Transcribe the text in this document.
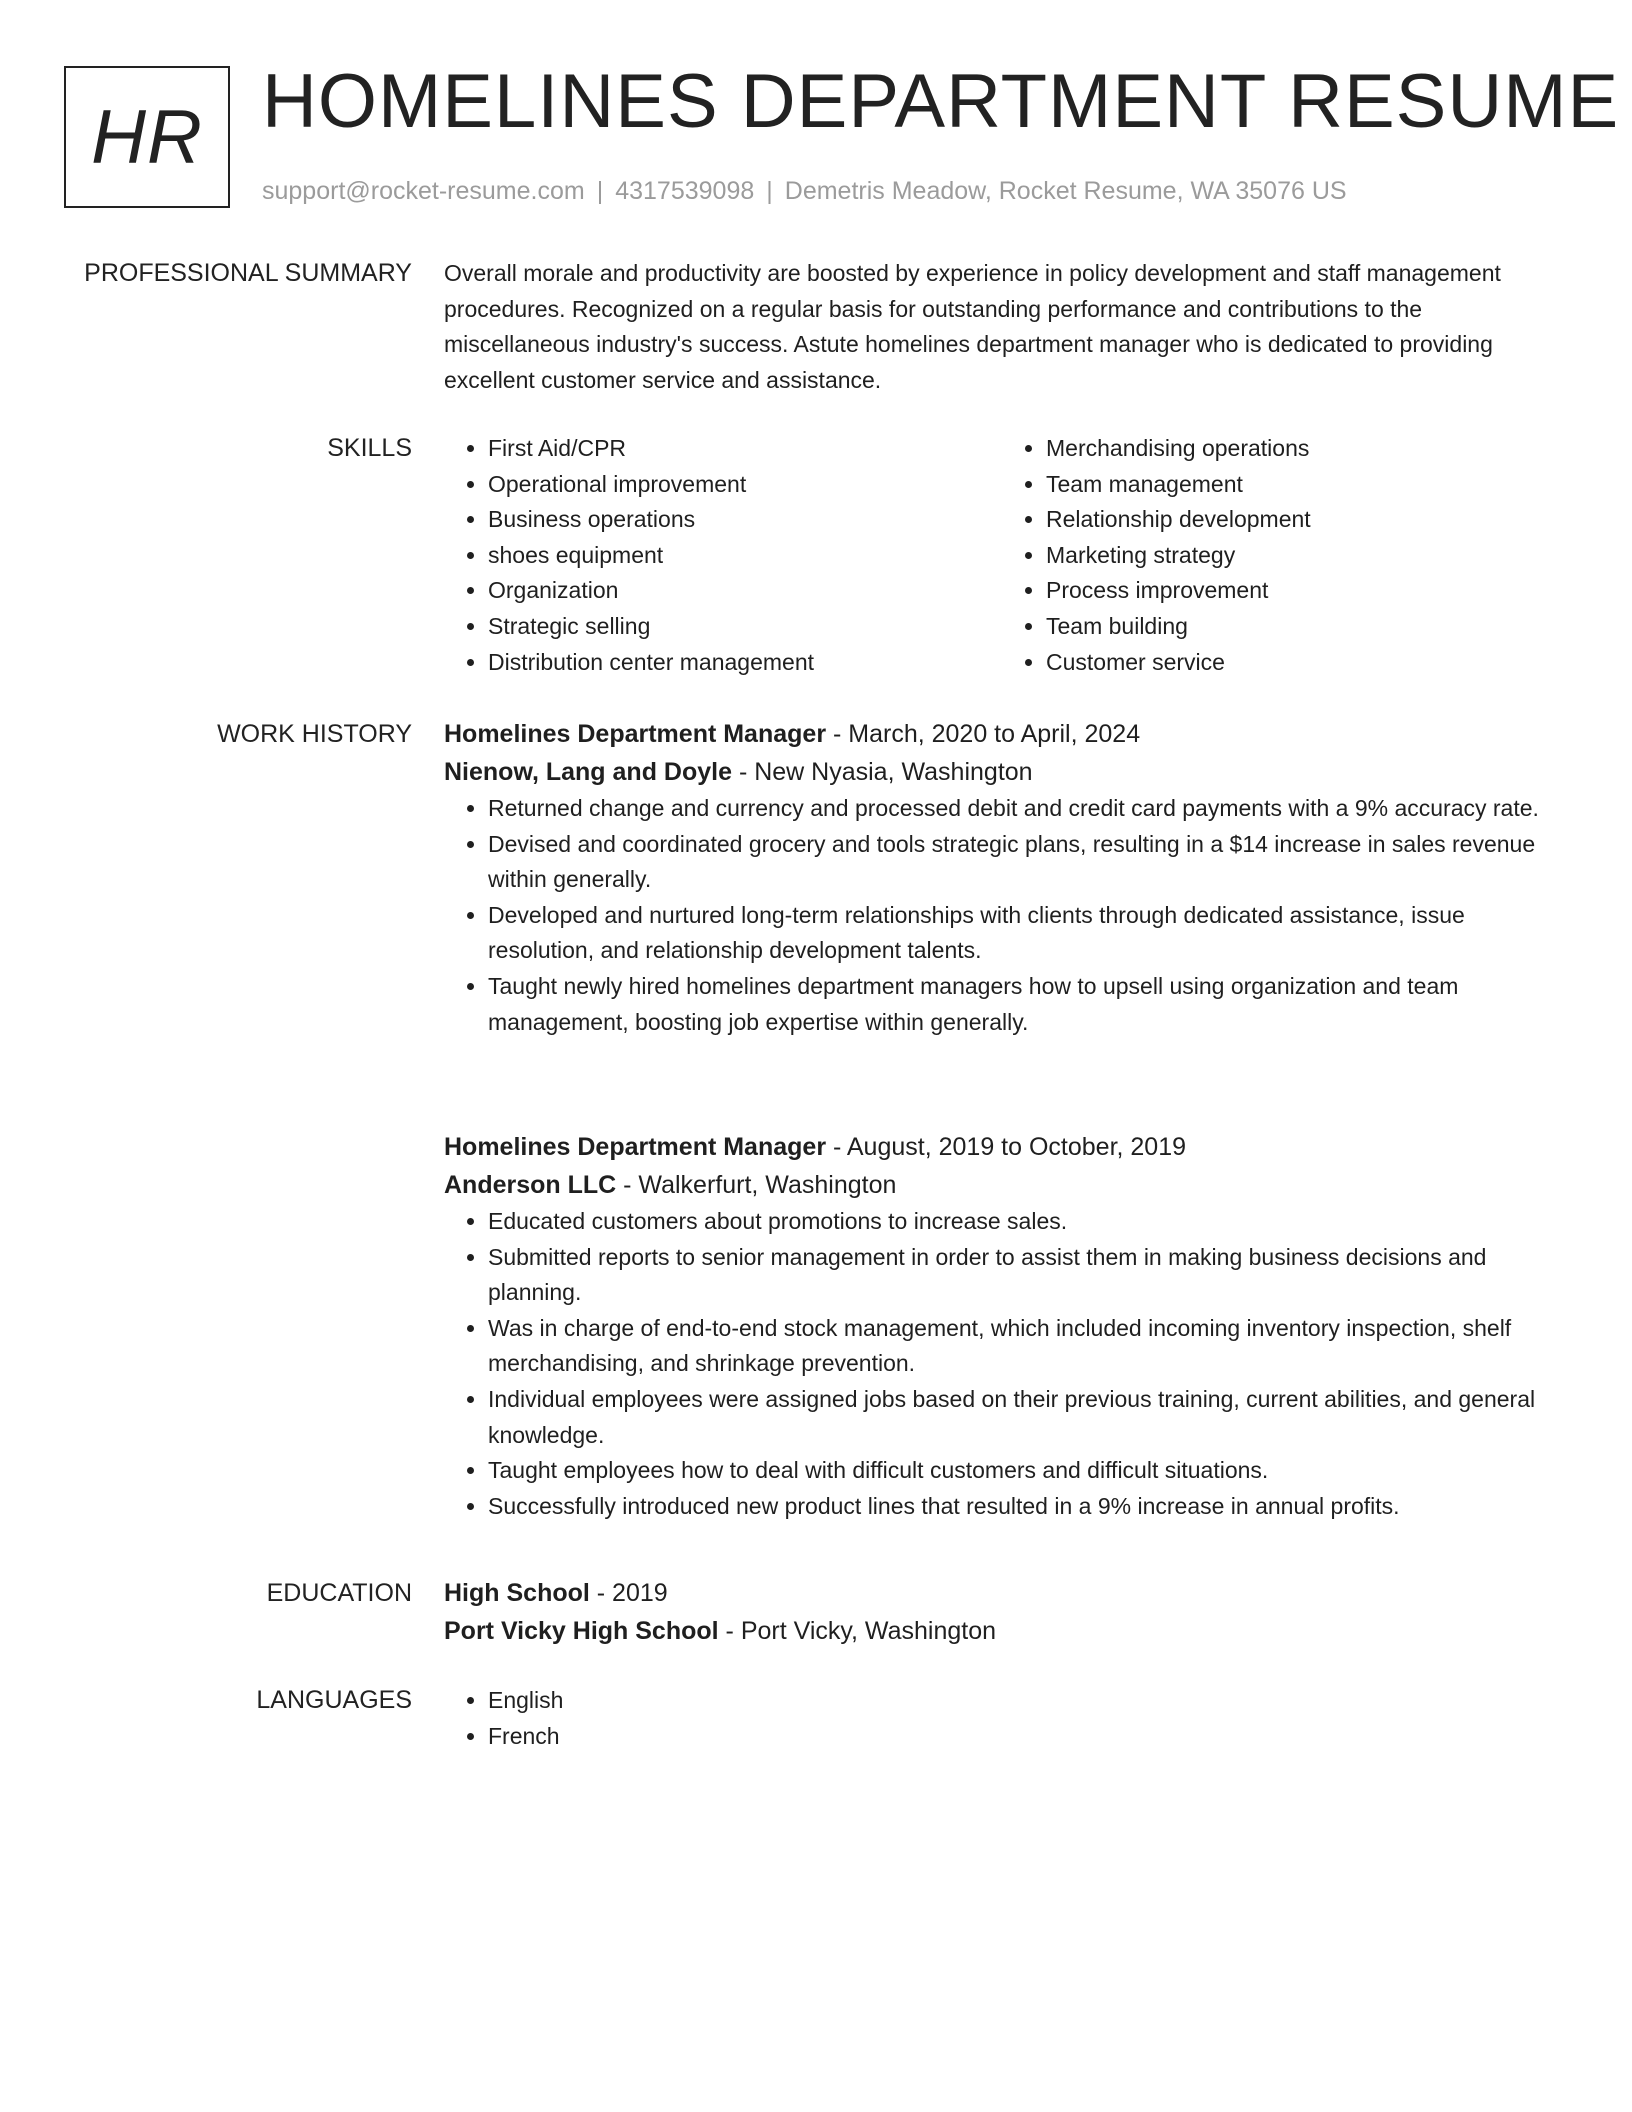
HR HOMELINES DEPARTMENT RESUME
support@rocket-resume.com | 4317539098 | Demetris Meadow, Rocket Resume, WA 35076 US
PROFESSIONAL SUMMARY Overall morale and productivity are boosted by experience in policy development and staff management procedures. Recognized on a regular basis for outstanding performance and contributions to the miscellaneous industry's success. Astute homelines department manager who is dedicated to providing excellent customer service and assistance.

SKILLS	• First Aid/CPR
• Operational improvement
• Business operations
• shoes equipment
• Organization
• Strategic selling
• Distribution center management
• Merchandising operations
• Team management
• Relationship development
• Marketing strategy
• Process improvement
• Team building
• Customer service
WORK HISTORY Homelines Department Manager - March, 2020 to April, 2024
Nienow, Lang and Doyle - New Nyasia, Washington
• Returned change and currency and processed debit and credit card payments with a 9% accuracy rate.
• Devised and coordinated grocery and tools strategic plans, resulting in a $14 increase in sales revenue within generally.
• Developed and nurtured long-term relationships with clients through dedicated assistance, issue resolution, and relationship development talents.
• Taught newly hired homelines department managers how to upsell using organization and team management, boosting job expertise within generally.
Homelines Department Manager - August, 2019 to October, 2019
Anderson LLC - Walkerfurt, Washington
• Educated customers about promotions to increase sales.
• Submitted reports to senior management in order to assist them in making business decisions and planning.
• Was in charge of end-to-end stock management, which included incoming inventory inspection, shelf merchandising, and shrinkage prevention.
• Individual employees were assigned jobs based on their previous training, current abilities, and general knowledge.
• Taught employees how to deal with difficult customers and difficult situations.
• Successfully introduced new product lines that resulted in a 9% increase in annual profits.
EDUCATION High School - 2019
Port Vicky High School - Port Vicky, Washington
LANGUAGES	• English
• French
